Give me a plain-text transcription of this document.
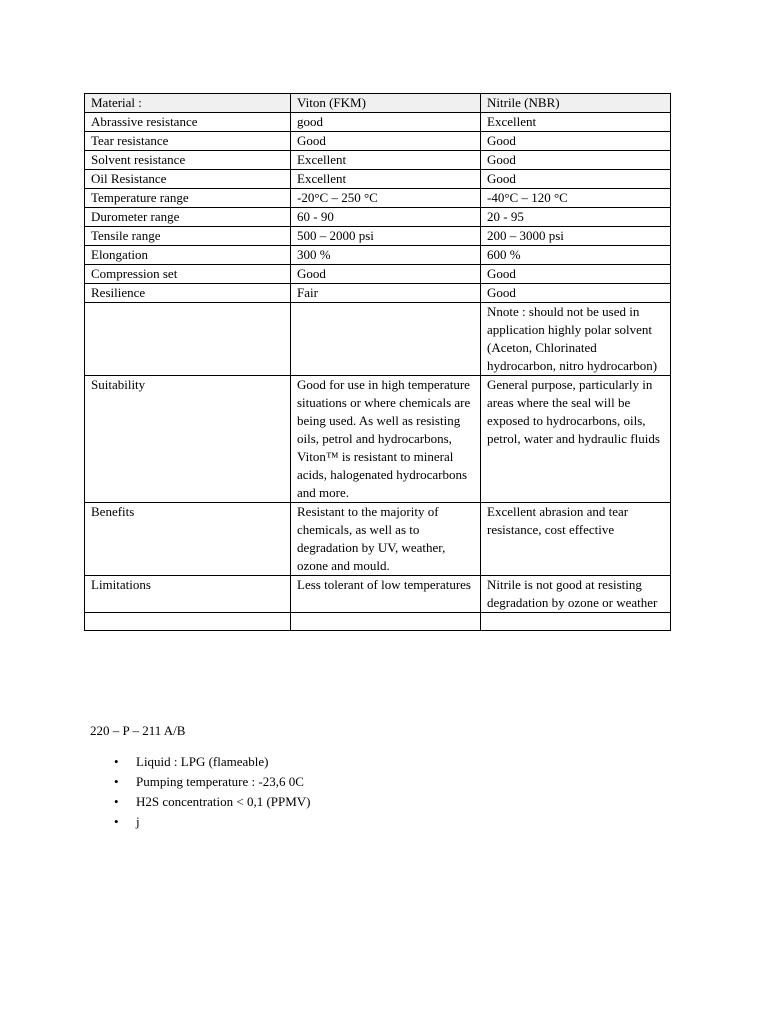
Material :	Viton (FKM)	Nitrile (NBR)
Abrassive resistance	good	Excellent
Tear resistance	Good	Good
Solvent resistance	Excellent	Good
Oil Resistance	Excellent	Good
Temperature range	-20°C – 250 °C	-40°C – 120 °C
Durometer range	60 - 90	20 - 95
Tensile range	500 – 2000 psi	200 – 3000 psi
Elongation	300 %	600 %
Compression set	Good	Good
Resilience	Fair	Good
		Nnote : should not be used in application highly polar solvent (Aceton, Chlorinated hydrocarbon, nitro hydrocarbon)
Suitability	Good for use in high temperature situations or where chemicals are being used. As well as resisting oils, petrol and hydrocarbons, Viton™ is resistant to mineral acids, halogenated hydrocarbons and more.	General purpose, particularly in areas where the seal will be exposed to hydrocarbons, oils, petrol, water and hydraulic fluids
Benefits	Resistant to the majority of chemicals, as well as to degradation by UV, weather, ozone and mould.	Excellent abrasion and tear resistance, cost effective
Limitations	Less tolerant of low temperatures	Nitrile is not good at resisting degradation by ozone or weather

220 – P – 211 A/B

• Liquid : LPG (flameable)
• Pumping temperature : -23,6 0C
• H2S concentration < 0,1 (PPMV)
• j
